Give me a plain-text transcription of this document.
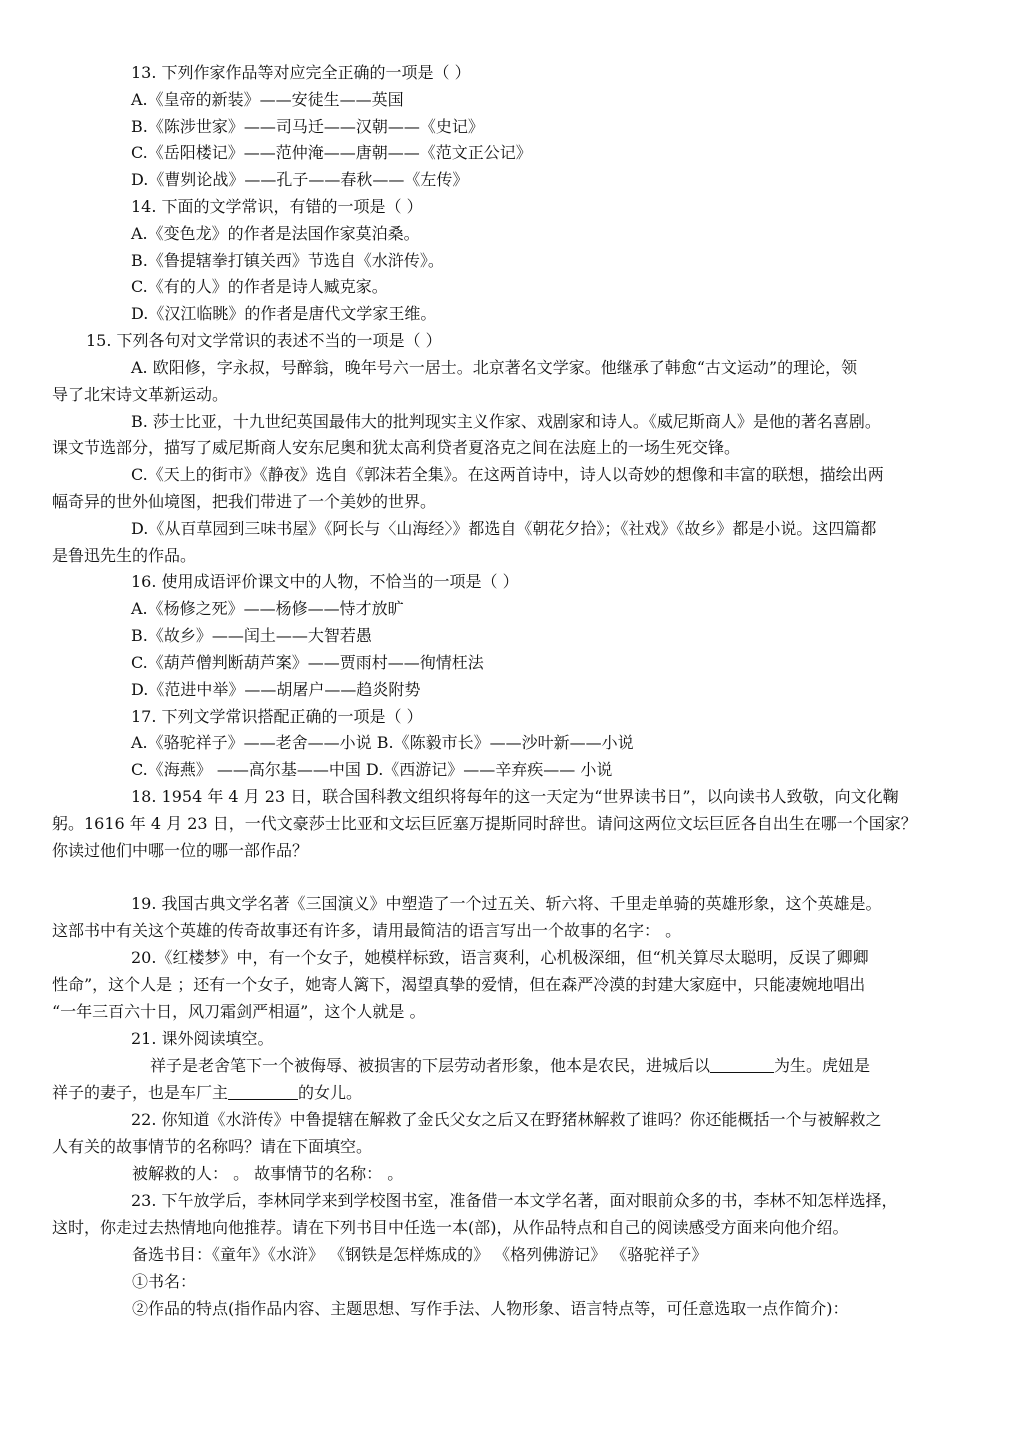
13. 下列作家作品等对应完全正确的一项是（ ）
A.《皇帝的新装》——安徒生——英国
B.《陈涉世家》——司马迁——汉朝——《史记》
C.《岳阳楼记》——范仲淹——唐朝——《范文正公记》
D.《曹刿论战》——孔子——春秋——《左传》
14. 下面的文学常识，有错的一项是（ ）
A.《变色龙》的作者是法国作家莫泊桑。
B.《鲁提辖拳打镇关西》节选自《水浒传》。
C.《有的人》的作者是诗人臧克家。
D.《汉江临眺》的作者是唐代文学家王维。
15. 下列各句对文学常识的表述不当的一项是（ ）
A. 欧阳修，字永叔，号醉翁，晚年号六一居士。北京著名文学家。他继承了韩愈“古文运动”的理论，领
导了北宋诗文革新运动。
B. 莎士比亚，十九世纪英国最伟大的批判现实主义作家、戏剧家和诗人。《威尼斯商人》是他的著名喜剧。
课文节选部分，描写了威尼斯商人安东尼奥和犹太高利贷者夏洛克之间在法庭上的一场生死交锋。
C.《天上的街市》《静夜》选自《郭沫若全集》。在这两首诗中，诗人以奇妙的想像和丰富的联想，描绘出两
幅奇异的世外仙境图，把我们带进了一个美妙的世界。
D.《从百草园到三味书屋》《阿长与〈山海经〉》都选自《朝花夕拾》；《社戏》《故乡》都是小说。这四篇都
是鲁迅先生的作品。
16. 使用成语评价课文中的人物，不恰当的一项是（ ）
A.《杨修之死》——杨修——恃才放旷
B.《故乡》——闰土——大智若愚
C.《葫芦僧判断葫芦案》——贾雨村——徇情枉法
D.《范进中举》——胡屠户——趋炎附势
17. 下列文学常识搭配正确的一项是（ ）
A.《骆驼祥子》——老舍——小说 B.《陈毅市长》——沙叶新——小说
C.《海燕》 ——高尔基——中国 D.《西游记》——辛弃疾—— 小说
18. 1954 年 4 月 23 日，联合国科教文组织将每年的这一天定为“世界读书日”，以向读书人致敬，向文化鞠
躬。1616 年 4 月 23 日，一代文豪莎士比亚和文坛巨匠塞万提斯同时辞世。请问这两位文坛巨匠各自出生在哪一个国家？
你读过他们中哪一位的哪一部作品？
19. 我国古典文学名著《三国演义》中塑造了一个过五关、斩六将、千里走单骑的英雄形象，这个英雄是。
这部书中有关这个英雄的传奇故事还有许多，请用最简洁的语言写出一个故事的名字： 。
20.《红楼梦》中，有一个女子，她模样标致，语言爽利，心机极深细，但“机关算尽太聪明，反误了卿卿
性命”，这个人是 ；还有一个女子，她寄人篱下，渴望真挚的爱情，但在森严冷漠的封建大家庭中，只能凄婉地唱出
“一年三百六十日，风刀霜剑严相逼”，这个人就是 。
21. 课外阅读填空。
祥子是老舍笔下一个被侮辱、被损害的下层劳动者形象，他本是农民，进城后以	为生。虎妞是
祥子的妻子，也是车厂主	的女儿。
22. 你知道《水浒传》中鲁提辖在解救了金氏父女之后又在野猪林解救了谁吗？你还能概括一个与被解救之
人有关的故事情节的名称吗？请在下面填空。
被解救的人： 。 故事情节的名称： 。
23. 下午放学后，李林同学来到学校图书室，准备借一本文学名著，面对眼前众多的书，李林不知怎样选择，
这时，你走过去热情地向他推荐。请在下列书目中任选一本(部)，从作品特点和自己的阅读感受方面来向他介绍。
备选书目：《童年》《水浒》 《钢铁是怎样炼成的》 《格列佛游记》 《骆驼祥子》
①书名：
②作品的特点(指作品内容、主题思想、写作手法、人物形象、语言特点等，可任意选取一点作简介)：
